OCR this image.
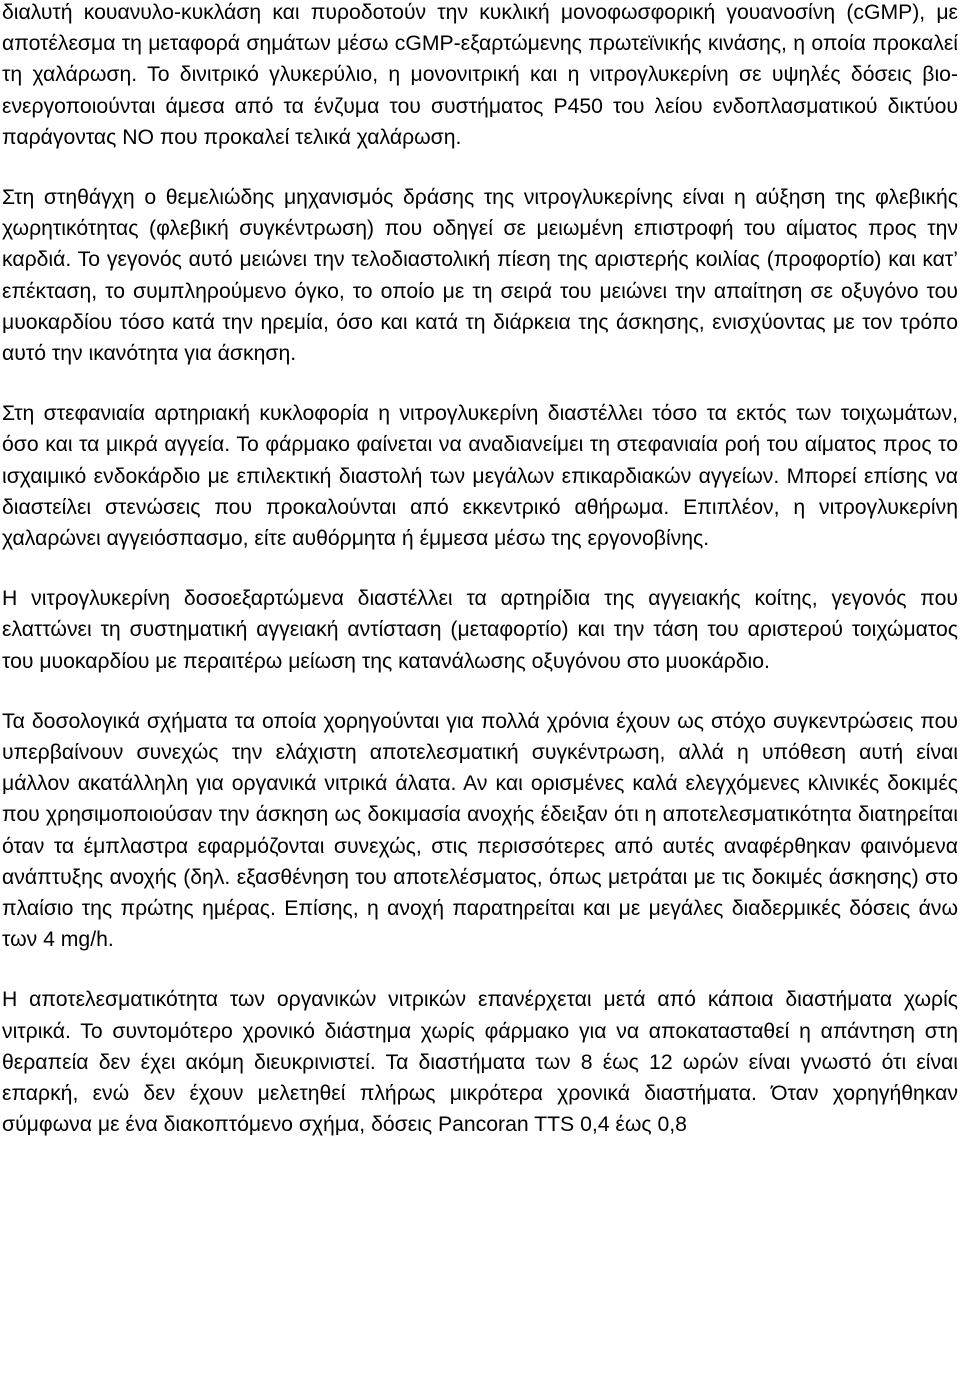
διαλυτή κουανυλο-κυκλάση και πυροδοτούν την κυκλική μονοφωσφορική γουανοσίνη (cGMP), με αποτέλεσμα τη μεταφορά σημάτων μέσω cGMP-εξαρτώμενης πρωτεϊνικής κινάσης, η οποία προκαλεί τη χαλάρωση. Το δινιτρικό γλυκερύλιο, η μονονιτρική και η νιτρογλυκερίνη σε υψηλές δόσεις βιο-ενεργοποιούνται άμεσα από τα ένζυμα του συστήματος P450 του λείου ενδοπλασματικού δικτύου παράγοντας NO που προκαλεί τελικά χαλάρωση.

Στη στηθάγχη ο θεμελιώδης μηχανισμός δράσης της νιτρογλυκερίνης είναι η αύξηση της φλεβικής χωρητικότητας (φλεβική συγκέντρωση) που οδηγεί σε μειωμένη επιστροφή του αίματος προς την καρδιά. Το γεγονός αυτό μειώνει την τελοδιαστολική πίεση της αριστερής κοιλίας (προφορτίο) και κατ’ επέκταση, το συμπληρούμενο όγκο, το οποίο με τη σειρά του μειώνει την απαίτηση σε οξυγόνο του μυοκαρδίου τόσο κατά την ηρεμία, όσο και κατά τη διάρκεια της άσκησης, ενισχύοντας με τον τρόπο αυτό την ικανότητα για άσκηση.

Στη στεφανιαία αρτηριακή κυκλοφορία η νιτρογλυκερίνη διαστέλλει τόσο τα εκτός των τοιχωμάτων, όσο και τα μικρά αγγεία. Το φάρμακο φαίνεται να αναδιανείμει τη στεφανιαία ροή του αίματος προς το ισχαιμικό ενδοκάρδιο με επιλεκτική διαστολή των μεγάλων επικαρδιακών αγγείων. Μπορεί επίσης να διαστείλει στενώσεις που προκαλούνται από εκκεντρικό αθήρωμα. Επιπλέον, η νιτρογλυκερίνη χαλαρώνει αγγειόσπασμο, είτε αυθόρμητα ή έμμεσα μέσω της εργονοβίνης.

Η νιτρογλυκερίνη δοσοεξαρτώμενα διαστέλλει τα αρτηρίδια της αγγειακής κοίτης, γεγονός που ελαττώνει τη συστηματική αγγειακή αντίσταση (μεταφορτίο) και την τάση του αριστερού τοιχώματος του μυοκαρδίου με περαιτέρω μείωση της κατανάλωσης οξυγόνου στο μυοκάρδιο.

Τα δοσολογικά σχήματα τα οποία χορηγούνται για πολλά χρόνια έχουν ως στόχο συγκεντρώσεις που υπερβαίνουν συνεχώς την ελάχιστη αποτελεσματική συγκέντρωση, αλλά η υπόθεση αυτή είναι μάλλον ακατάλληλη για οργανικά νιτρικά άλατα. Αν και ορισμένες καλά ελεγχόμενες κλινικές δοκιμές που χρησιμοποιούσαν την άσκηση ως δοκιμασία ανοχής έδειξαν ότι η αποτελεσματικότητα διατηρείται όταν τα έμπλαστρα εφαρμόζονται συνεχώς, στις περισσότερες από αυτές αναφέρθηκαν φαινόμενα ανάπτυξης ανοχής (δηλ. εξασθένηση του αποτελέσματος, όπως μετράται με τις δοκιμές άσκησης) στο πλαίσιο της πρώτης ημέρας. Επίσης, η ανοχή παρατηρείται και με μεγάλες διαδερμικές δόσεις άνω των 4 mg/h.

Η αποτελεσματικότητα των οργανικών νιτρικών επανέρχεται μετά από κάποια διαστήματα χωρίς νιτρικά. Το συντομότερο χρονικό διάστημα χωρίς φάρμακο για να αποκατασταθεί η απάντηση στη θεραπεία δεν έχει ακόμη διευκρινιστεί. Τα διαστήματα των 8 έως 12 ωρών είναι γνωστό ότι είναι επαρκή, ενώ δεν έχουν μελετηθεί πλήρως μικρότερα χρονικά διαστήματα. Όταν χορηγήθηκαν σύμφωνα με ένα διακοπτόμενο σχήμα, δόσεις Pancoran TTS 0,4 έως 0,8
